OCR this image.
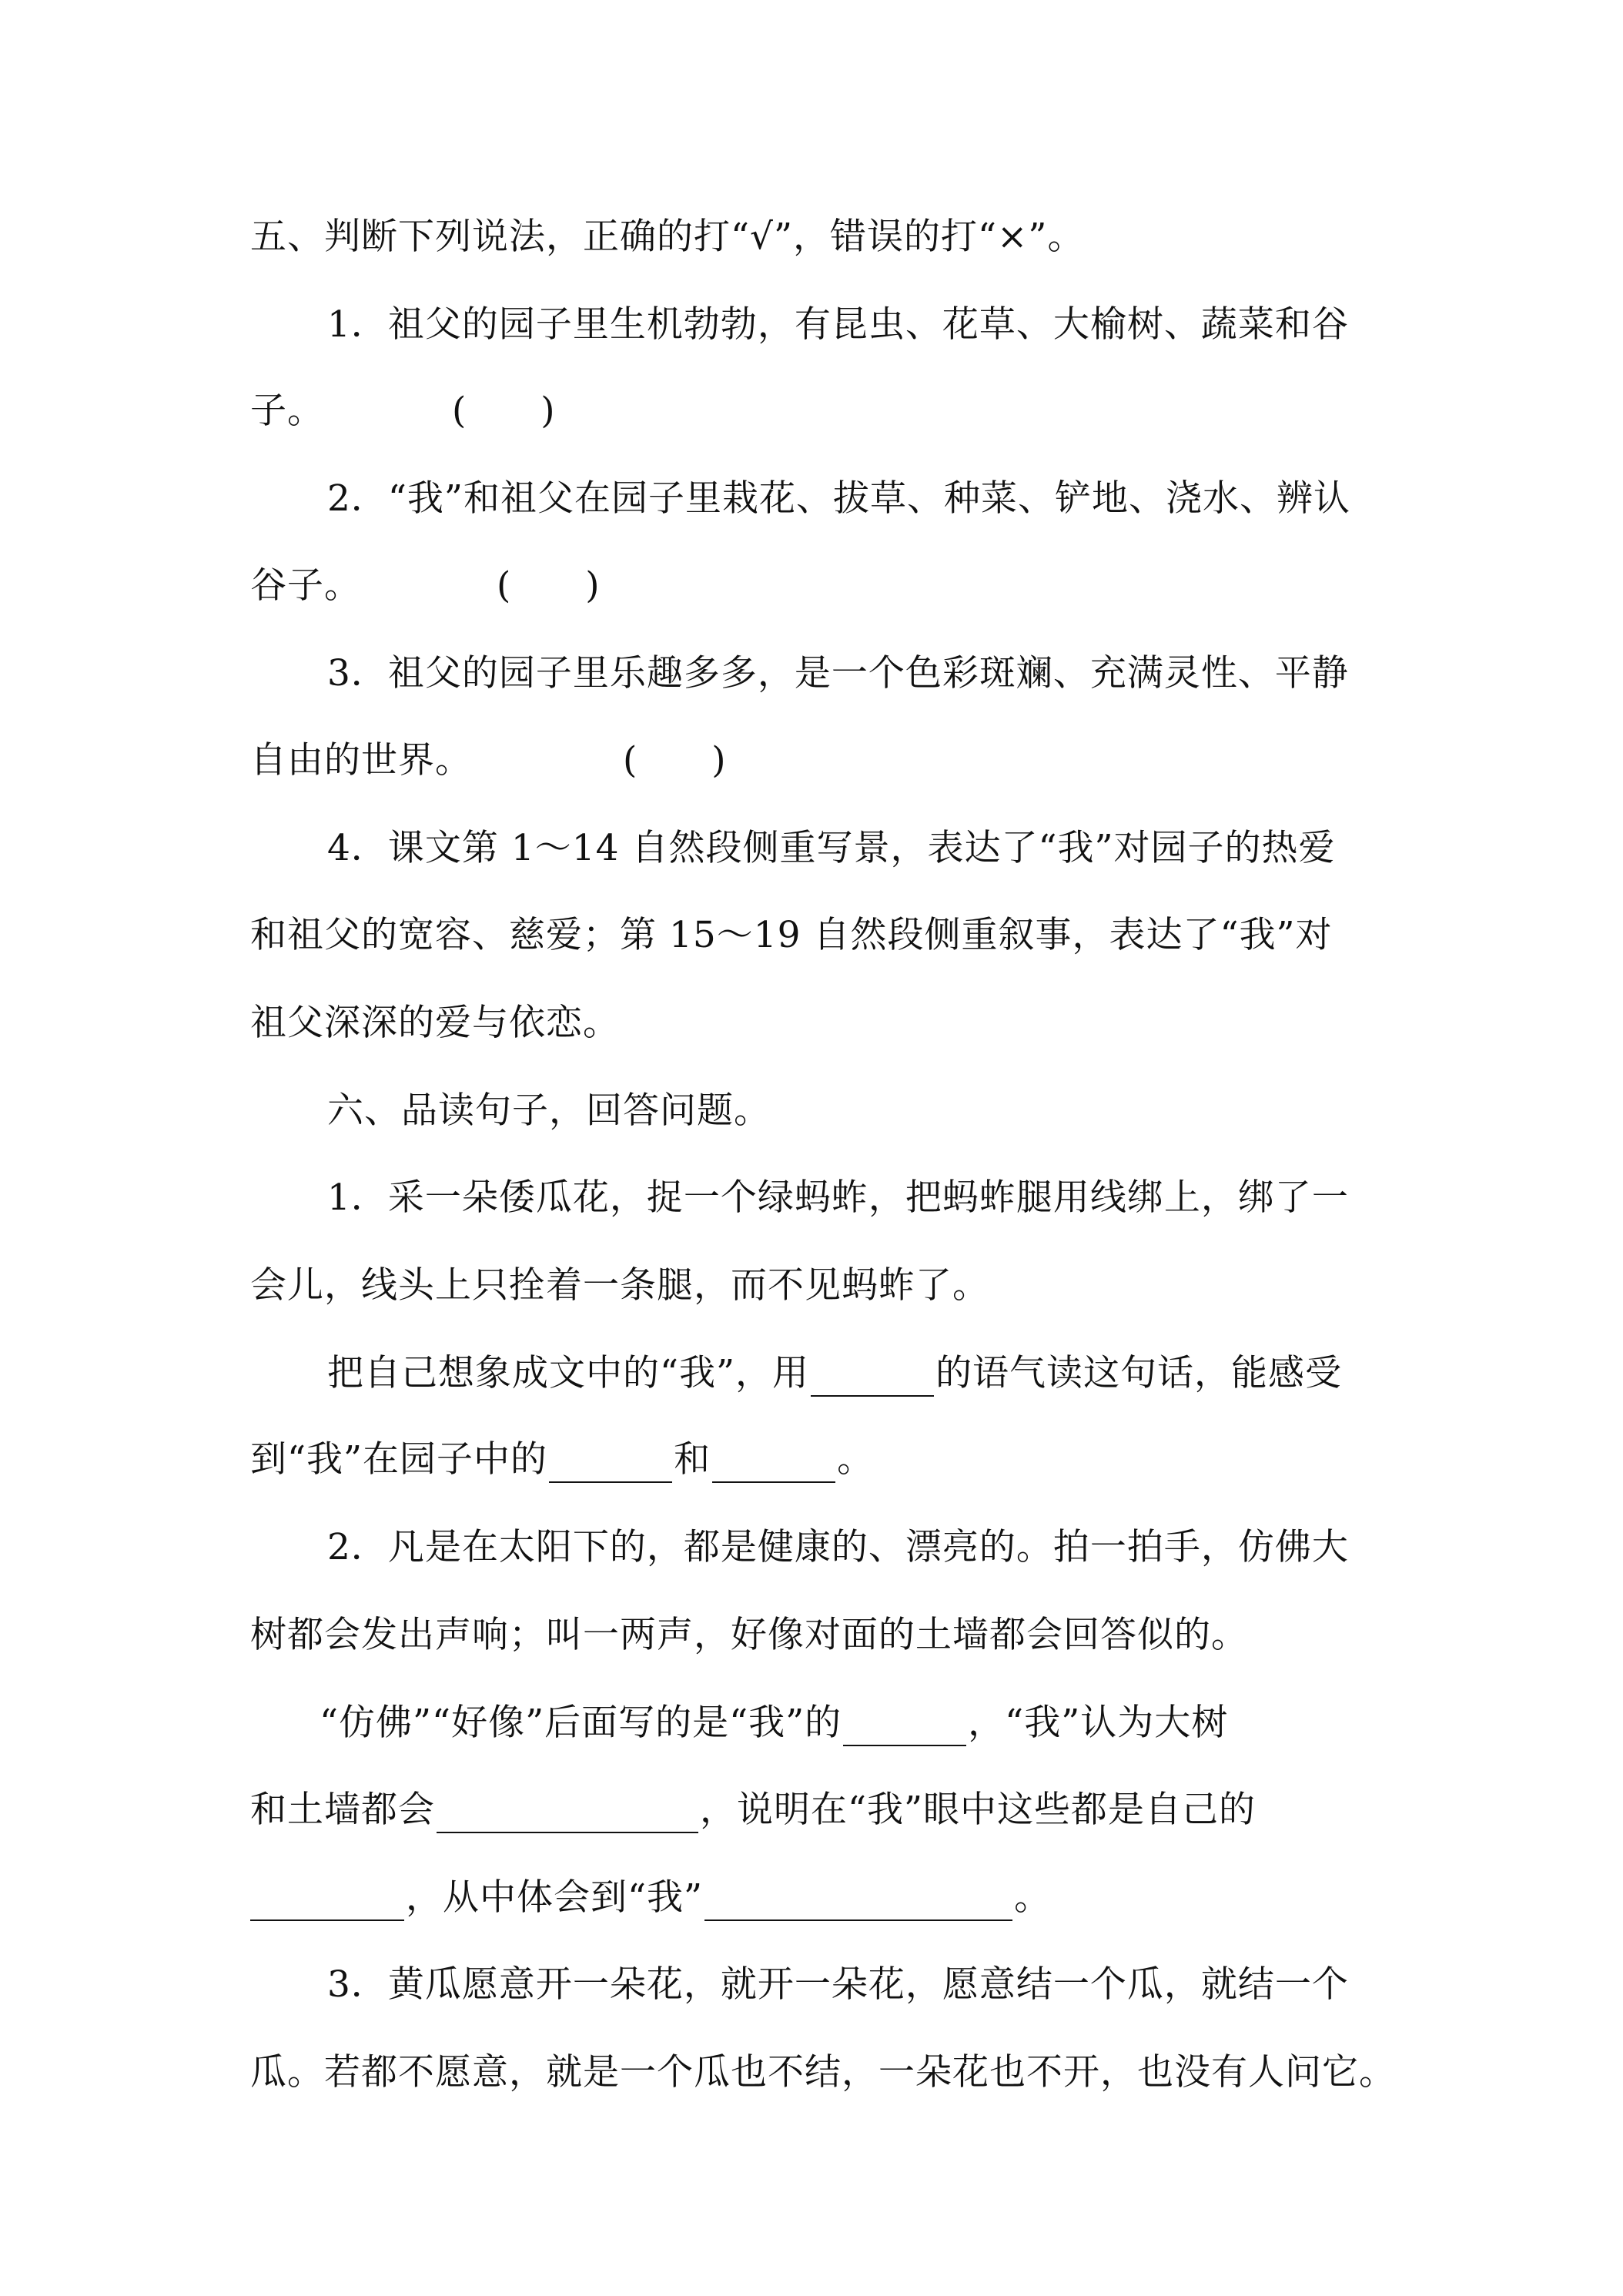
五、判断下列说法，正确的打“√”，错误的打“×”。
1．祖父的园子里生机勃勃，有昆虫、花草、大榆树、蔬菜和谷
子。	(　　)
2．“我”和祖父在园子里栽花、拔草、种菜、铲地、浇水、辨认
谷子。	(　　)
3．祖父的园子里乐趣多多，是一个色彩斑斓、充满灵性、平静
自由的世界。	(　　)
4．课文第 1～14 自然段侧重写景，表达了“我”对园子的热爱
和祖父的宽容、慈爱；第 15～19 自然段侧重叙事，表达了“我”对
祖父深深的爱与依恋。
六、品读句子，回答问题。
1．采一朵倭瓜花，捉一个绿蚂蚱，把蚂蚱腿用线绑上，绑了一
会儿，线头上只拴着一条腿，而不见蚂蚱了。
把自己想象成文中的“我”，用	的语气读这句话，能感受
到“我”在园子中的	和	。
2．凡是在太阳下的，都是健康的、漂亮的。拍一拍手，仿佛大
树都会发出声响；叫一两声，好像对面的土墙都会回答似的。
“仿佛”“好像”后面写的是“我”的	，“我”认为大树
和土墙都会	，说明在“我”眼中这些都是自己的
，从中体会到“我”	。
3．黄瓜愿意开一朵花，就开一朵花，愿意结一个瓜，就结一个
瓜。若都不愿意，就是一个瓜也不结，一朵花也不开，也没有人问它。
